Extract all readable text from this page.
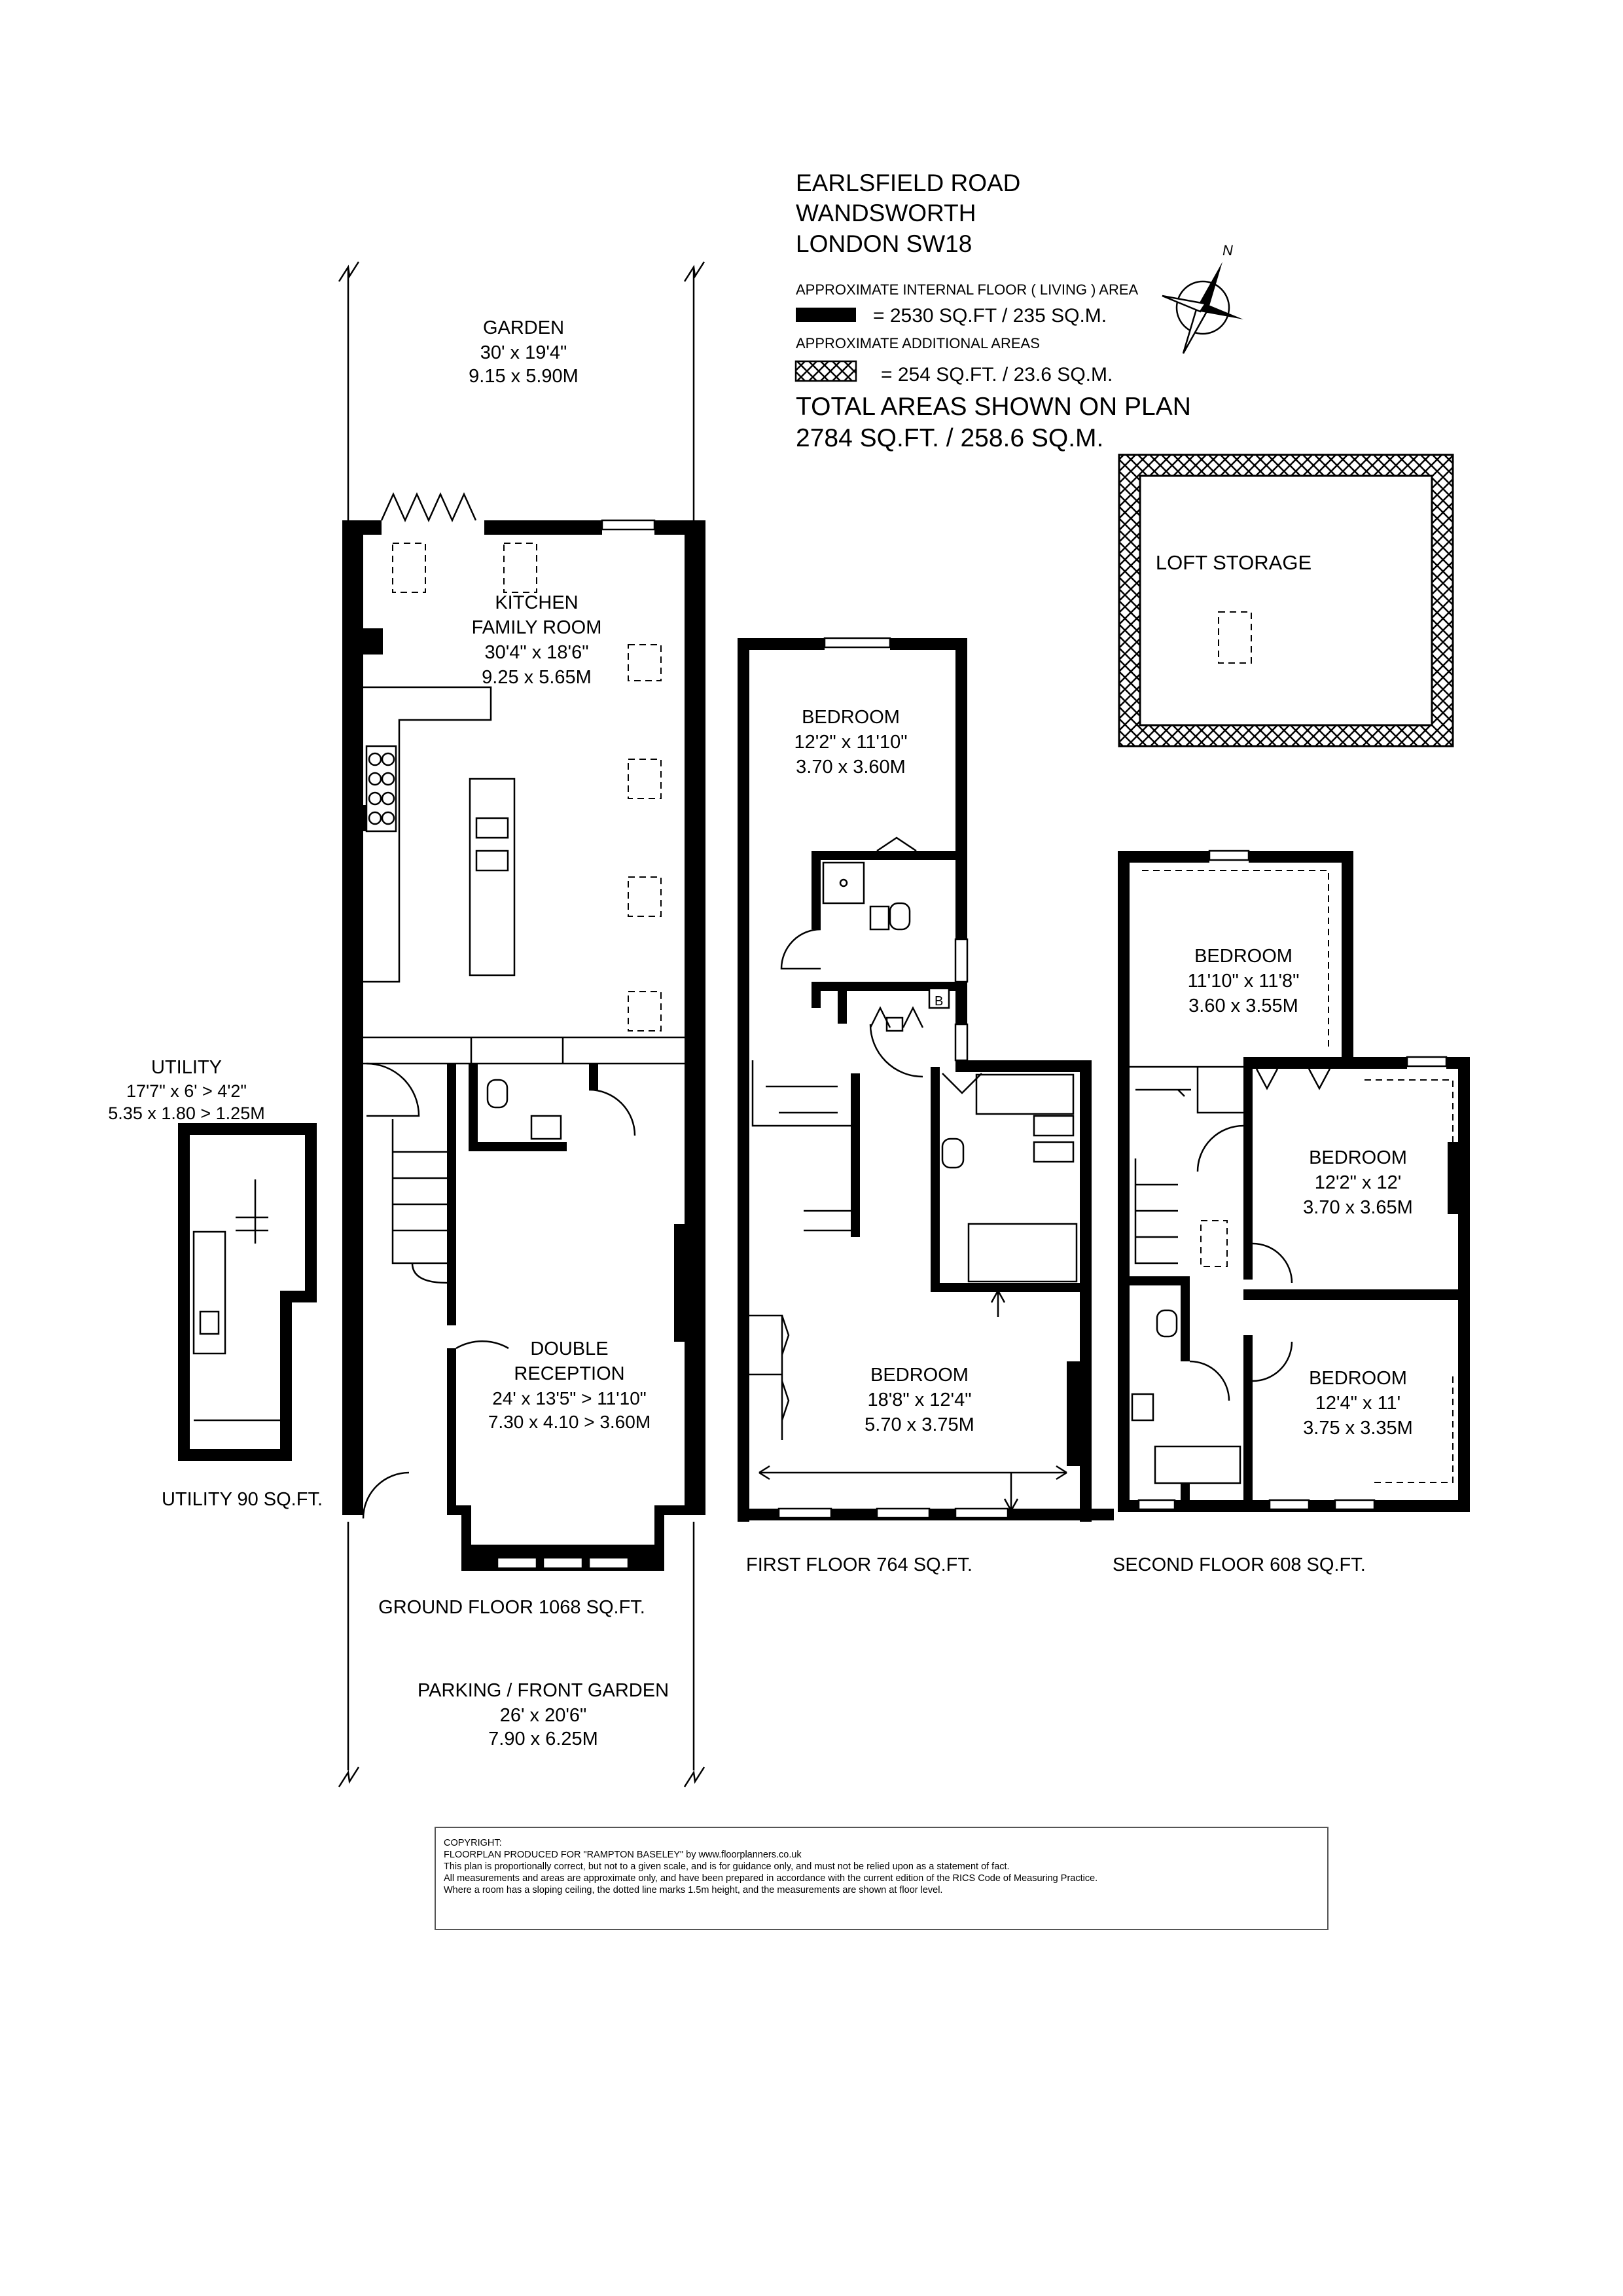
EARLSFIELD ROAD
WANDSWORTH
LONDON SW18
APPROXIMATE INTERNAL FLOOR ( LIVING ) AREA
= 2530 SQ.FT / 235 SQ.M.
APPROXIMATE ADDITIONAL AREAS
= 254 SQ.FT. / 23.6 SQ.M.
TOTAL AREAS SHOWN ON PLAN
2784 SQ.FT. / 258.6 SQ.M.
N
LOFT STORAGE
GARDEN
30' x 19'4"
9.15 x 5.90M
PARKING / FRONT GARDEN
26' x 20'6"
7.90 x 6.25M
UTILITY
17'7" x 6' > 4'2"
5.35 x 1.80 > 1.25M
UTILITY 90 SQ.FT.
KITCHEN
FAMILY ROOM
30'4" x 18'6"
9.25 x 5.65M
DOUBLE
RECEPTION
24' x 13'5" > 11'10"
7.30 x 4.10 > 3.60M
GROUND FLOOR 1068 SQ.FT.
B
BEDROOM
12'2" x 11'10"
3.70 x 3.60M
BEDROOM
18'8" x 12'4"
5.70 x 3.75M
FIRST FLOOR 764 SQ.FT.
BEDROOM
11'10" x 11'8"
3.60 x 3.55M
BEDROOM
12'2" x 12'
3.70 x 3.65M
BEDROOM
12'4" x 11'
3.75 x 3.35M
SECOND FLOOR 608 SQ.FT.
COPYRIGHT:
FLOORPLAN PRODUCED FOR "RAMPTON BASELEY" by www.floorplanners.co.uk
This plan is proportionally correct, but not to a given scale, and is for guidance only, and must not be relied upon as a statement of fact.
All measurements and areas are approximate only, and have been prepared in accordance with the current edition of the RICS Code of Measuring Practice.
Where a room has a sloping ceiling, the dotted line marks 1.5m height, and the measurements are shown at floor level.
